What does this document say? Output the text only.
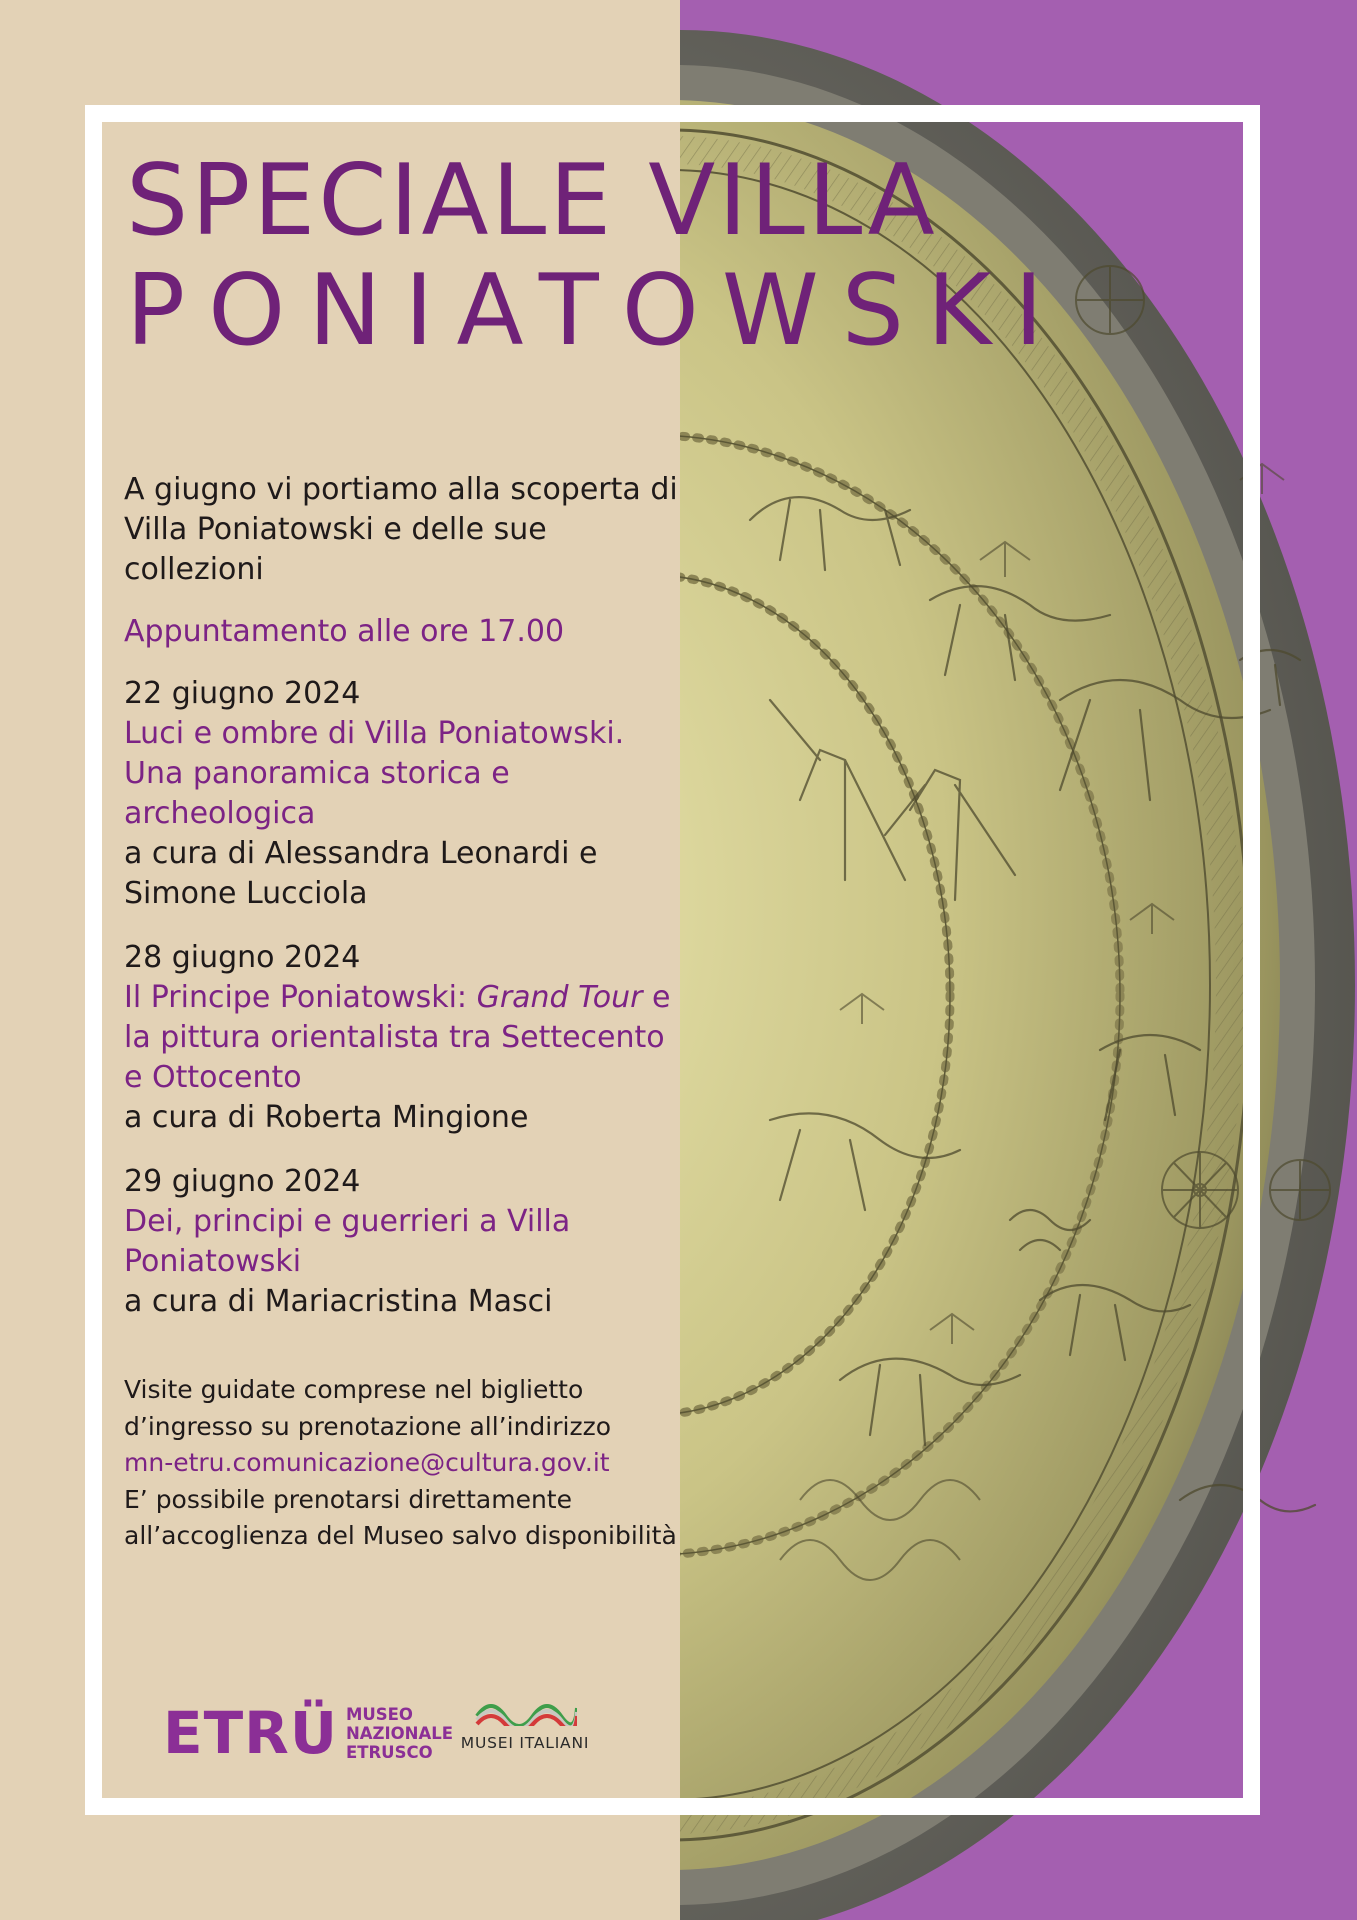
SPECIALE VILLA
PONIATOWSKI

A giugno vi portiamo alla scoperta di Villa Poniatowski e delle sue collezioni

Appuntamento alle ore 17.00

22 giugno 2024

Luci e ombre di Villa Poniatowski. Una panoramica storica e archeologica

a cura di Alessandra Leonardi e Simone Lucciola

28 giugno 2024

Il Principe Poniatowski: Grand Tour e la pittura orientalista tra Settecento e Ottocento

a cura di Roberta Mingione

29 giugno 2024

Dei, principi e guerrieri a Villa Poniatowski

a cura di Mariacristina Masci

Visite guidate comprese nel biglietto d’ingresso su prenotazione all’indirizzo

mn-etru.comunicazione@cultura.gov.it

E’ possibile prenotarsi direttamente all’accoglienza del Museo salvo disponibilità

ETRÜ MUSEO
NAZIONALE
ETRUSCO	MUSEI ITALIANI
